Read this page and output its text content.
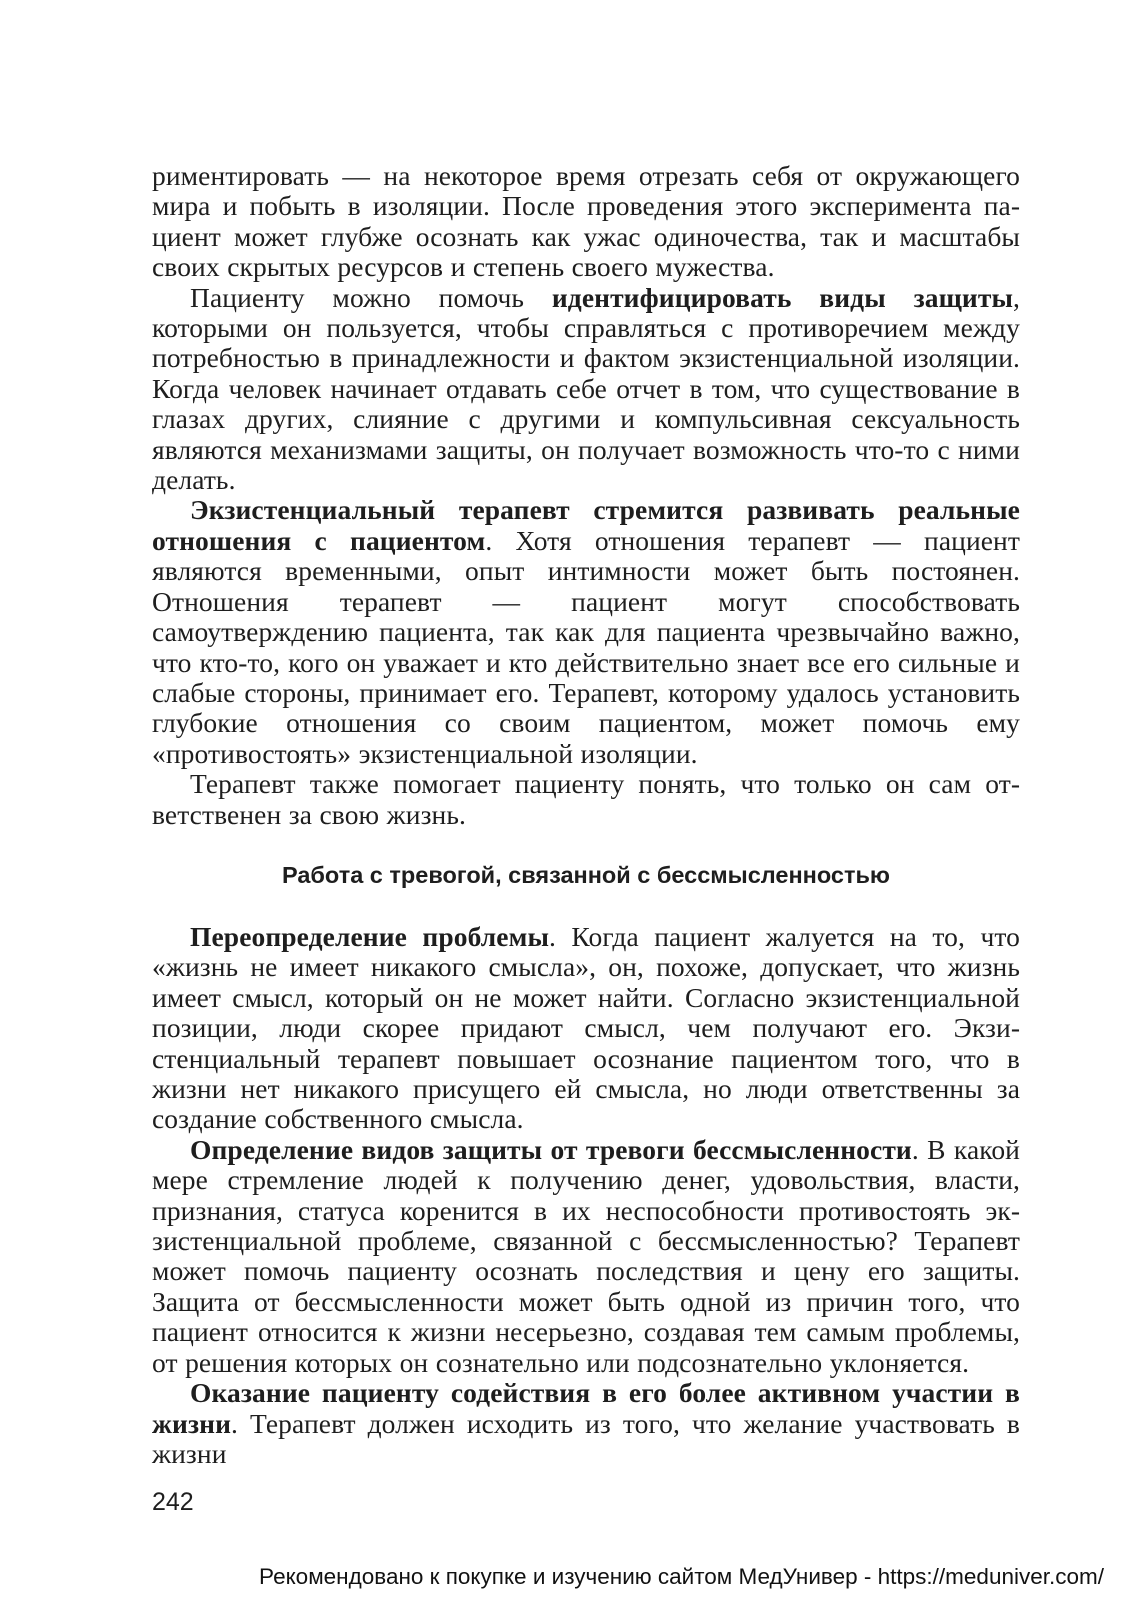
риментировать — на некоторое время отрезать себя от окружающего мира и побыть в изоляции. После проведения этого эксперимента пациент может глубже осознать как ужас одиночества, так и масштабы своих скрытых ресурсов и степень своего мужества.

Пациенту можно помочь идентифицировать виды защиты, которыми он пользуется, чтобы справляться с противоречием между потребностью в принадлежности и фактом экзистенциальной изоляции. Когда человек начинает отдавать себе отчет в том, что существование в глазах других, слияние с другими и компульсивная сексуальность являются механизмами защиты, он получает возможность что-то с ними делать.

Экзистенциальный терапевт стремится развивать реальные отношения с пациентом. Хотя отношения терапевт — пациент являются временными, опыт интимности может быть постоянен. Отношения терапевт — пациент могут способствовать самоутверждению пациента, так как для пациента чрезвычайно важно, что кто-то, кого он уважает и кто действительно знает все его сильные и слабые стороны, принимает его. Терапевт, которому удалось установить глубокие отношения со своим пациентом, может помочь ему «противостоять» экзистенциальной изоляции.

Терапевт также помогает пациенту понять, что только он сам ответственен за свою жизнь.

Работа с тревогой, связанной с бессмысленностью

Переопределение проблемы. Когда пациент жалуется на то, что «жизнь не имеет никакого смысла», он, похоже, допускает, что жизнь имеет смысл, который он не может найти. Согласно экзистенциальной позиции, люди скорее придают смысл, чем получают его. Экзистенциальный терапевт повышает осознание пациентом того, что в жизни нет никакого присущего ей смысла, но люди ответственны за создание собственного смысла.

Определение видов защиты от тревоги бессмысленности. В какой мере стремление людей к получению денег, удовольствия, власти, признания, статуса коренится в их неспособности противостоять экзистенциальной проблеме, связанной с бессмысленностью? Терапевт может помочь пациенту осознать последствия и цену его защиты. Защита от бессмысленности может быть одной из причин того, что пациент относится к жизни несерьезно, создавая тем самым проблемы, от решения которых он сознательно или подсознательно уклоняется.

Оказание пациенту содействия в его более активном участии в жизни. Терапевт должен исходить из того, что желание участвовать в жизни

242
Рекомендовано к покупке и изучению сайтом МедУнивер - https://meduniver.com/
